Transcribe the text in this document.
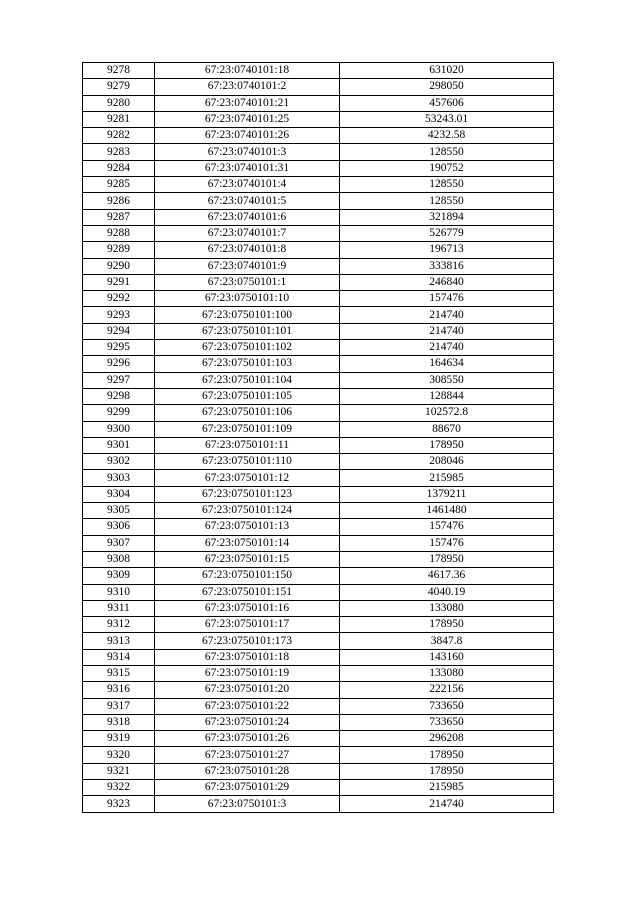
9278	67:23:0740101:18	631020
9279	67:23:0740101:2	298050
9280	67:23:0740101:21	457606
9281	67:23:0740101:25	53243.01
9282	67:23:0740101:26	4232.58
9283	67:23:0740101:3	128550
9284	67:23:0740101:31	190752
9285	67:23:0740101:4	128550
9286	67:23:0740101:5	128550
9287	67:23:0740101:6	321894
9288	67:23:0740101:7	526779
9289	67:23:0740101:8	196713
9290	67:23:0740101:9	333816
9291	67:23:0750101:1	246840
9292	67:23:0750101:10	157476
9293	67:23:0750101:100	214740
9294	67:23:0750101:101	214740
9295	67:23:0750101:102	214740
9296	67:23:0750101:103	164634
9297	67:23:0750101:104	308550
9298	67:23:0750101:105	128844
9299	67:23:0750101:106	102572.8
9300	67:23:0750101:109	88670
9301	67:23:0750101:11	178950
9302	67:23:0750101:110	208046
9303	67:23:0750101:12	215985
9304	67:23:0750101:123	1379211
9305	67:23:0750101:124	1461480
9306	67:23:0750101:13	157476
9307	67:23:0750101:14	157476
9308	67:23:0750101:15	178950
9309	67:23:0750101:150	4617.36
9310	67:23:0750101:151	4040.19
9311	67:23:0750101:16	133080
9312	67:23:0750101:17	178950
9313	67:23:0750101:173	3847.8
9314	67:23:0750101:18	143160
9315	67:23:0750101:19	133080
9316	67:23:0750101:20	222156
9317	67:23:0750101:22	733650
9318	67:23:0750101:24	733650
9319	67:23:0750101:26	296208
9320	67:23:0750101:27	178950
9321	67:23:0750101:28	178950
9322	67:23:0750101:29	215985
9323	67:23:0750101:3	214740
